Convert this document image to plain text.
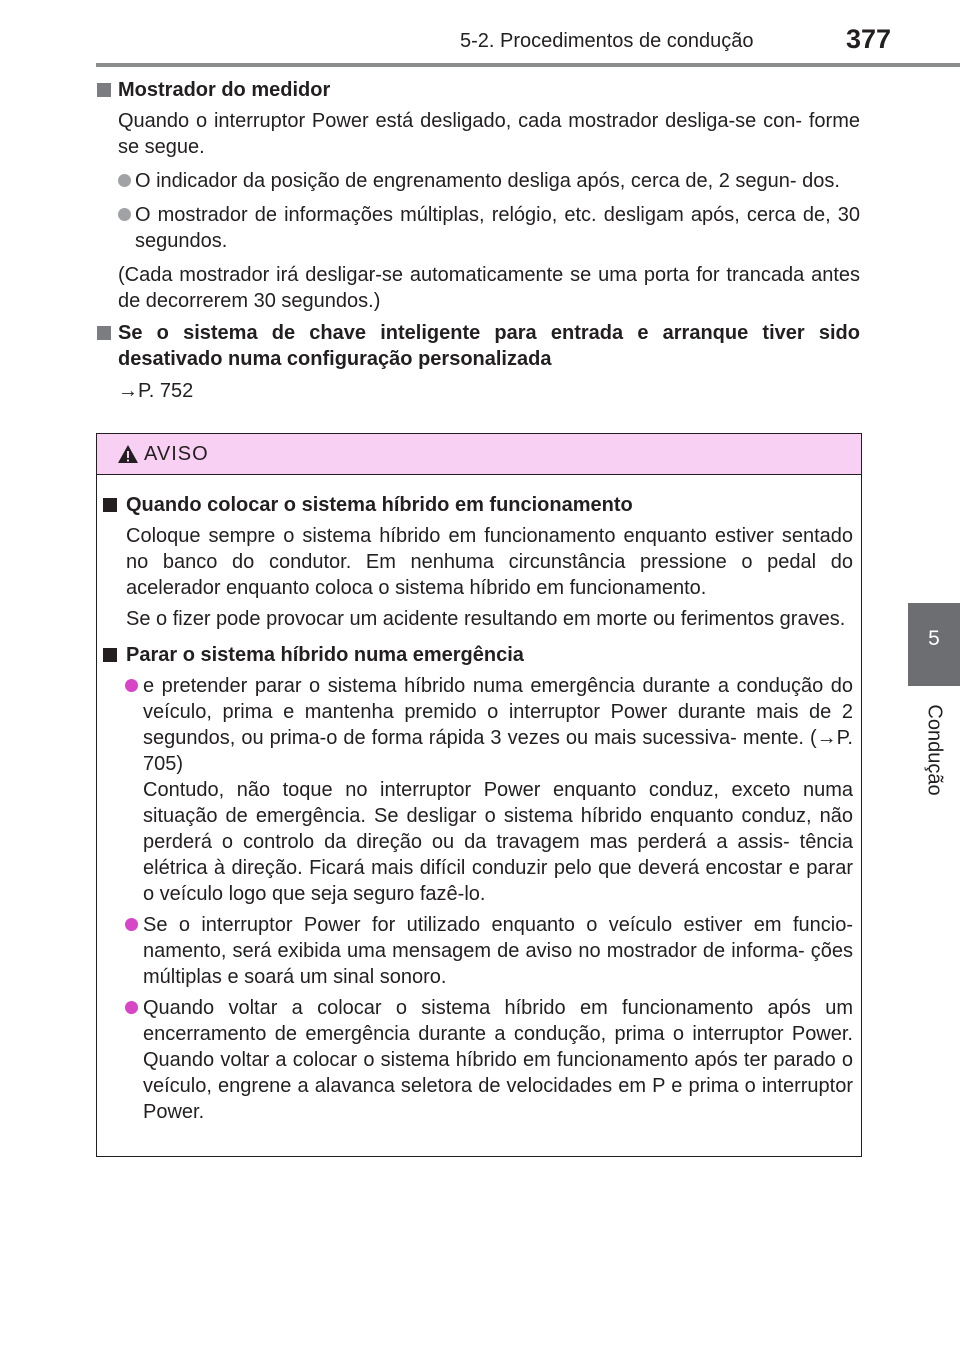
5-2. Procedimentos de condução	377
5
Condução
Mostrador do medidor
Quando o interruptor Power está desligado, cada mostrador desliga-se con- forme se segue.
O indicador da posição de engrenamento desliga após, cerca de, 2 segun- dos.
O mostrador de informações múltiplas, relógio, etc. desligam após, cerca de, 30 segundos.
(Cada mostrador irá desligar-se automaticamente se uma porta for trancada antes de decorrerem 30 segundos.)
Se o sistema de chave inteligente para entrada e arranque tiver sido desativado numa configuração personalizada
→P. 752
AVISO
Quando colocar o sistema híbrido em funcionamento
Coloque sempre o sistema híbrido em funcionamento enquanto estiver sentado no banco do condutor. Em nenhuma circunstância pressione o pedal do acelerador enquanto coloca o sistema híbrido em funcionamento.
Se o fizer pode provocar um acidente resultando em morte ou ferimentos graves.
Parar o sistema híbrido numa emergência
e pretender parar o sistema híbrido numa emergência durante a condução do veículo, prima e mantenha premido o interruptor Power durante mais de 2 segundos, ou prima-o de forma rápida 3 vezes ou mais sucessiva- mente. (→P. 705)
Contudo, não toque no interruptor Power enquanto conduz, exceto numa situação de emergência. Se desligar o sistema híbrido enquanto conduz, não perderá o controlo da direção ou da travagem mas perderá a assis- tência elétrica à direção. Ficará mais difícil conduzir pelo que deverá encostar e parar o veículo logo que seja seguro fazê-lo.
Se o interruptor Power for utilizado enquanto o veículo estiver em funcio- namento, será exibida uma mensagem de aviso no mostrador de informa- ções múltiplas e soará um sinal sonoro.
Quando voltar a colocar o sistema híbrido em funcionamento após um encerramento de emergência durante a condução, prima o interruptor Power. Quando voltar a colocar o sistema híbrido em funcionamento após ter parado o veículo, engrene a alavanca seletora de velocidades em P e prima o interruptor Power.
